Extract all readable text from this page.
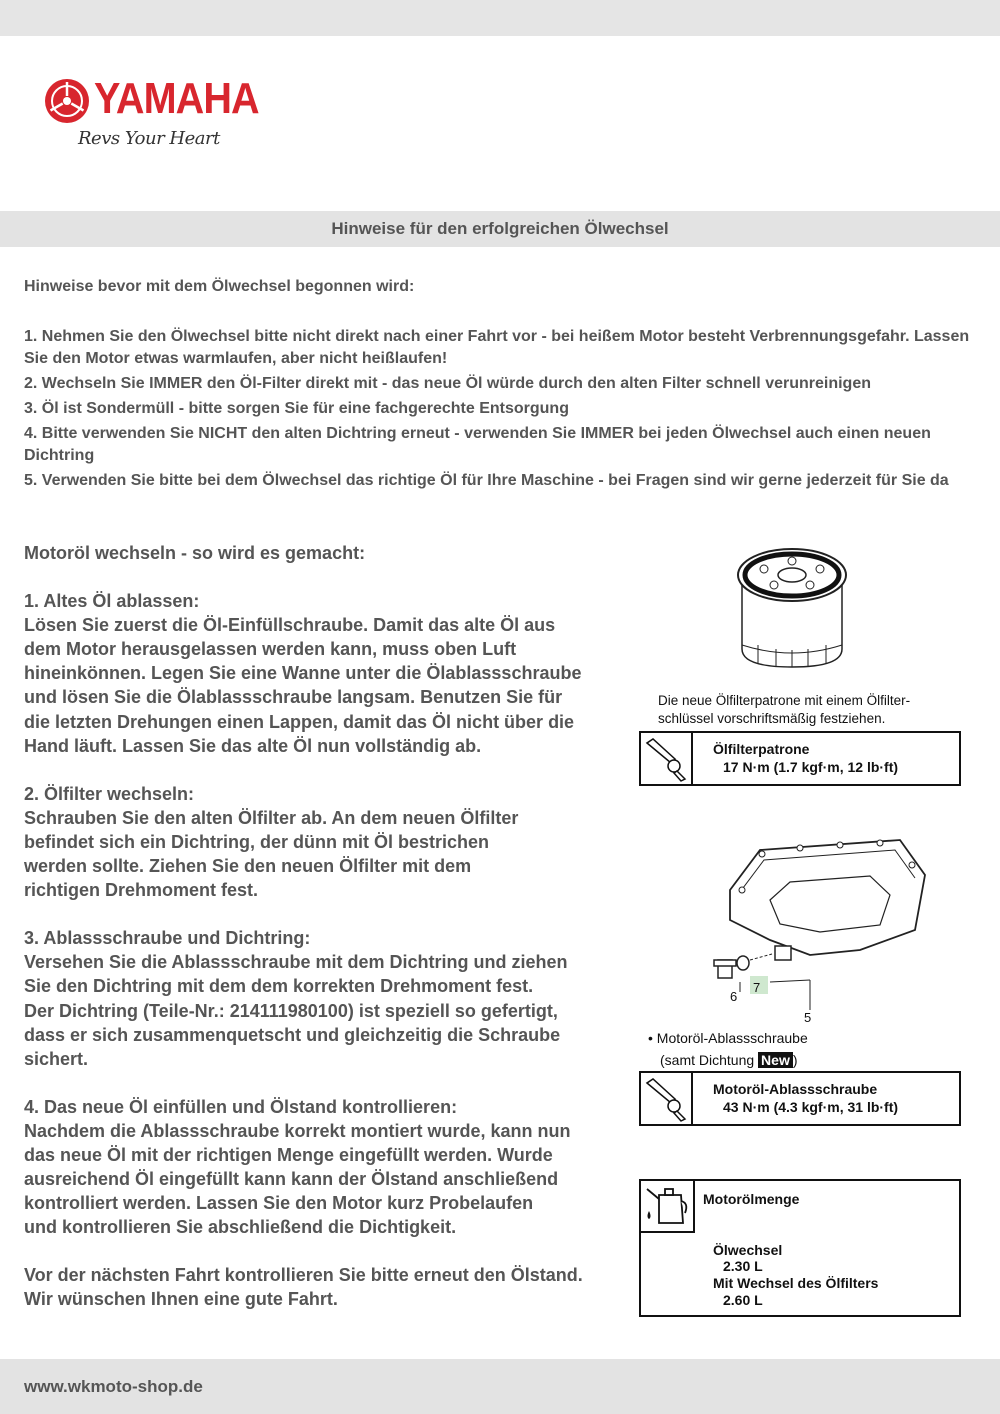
YAMAHA
Revs Your Heart
Hinweise für den erfolgreichen Ölwechsel
Hinweise bevor mit dem Ölwechsel begonnen wird:
1. Nehmen Sie den Ölwechsel bitte nicht direkt nach einer Fahrt vor - bei heißem Motor besteht Verbrennungsgefahr. Lassen Sie den Motor etwas warmlaufen, aber nicht heißlaufen!
2. Wechseln Sie IMMER den Öl-Filter direkt mit - das neue Öl würde durch den alten Filter schnell verunreinigen
3. Öl ist Sondermüll - bitte sorgen Sie für eine fachgerechte Entsorgung
4. Bitte verwenden Sie NICHT den alten Dichtring erneut - verwenden Sie IMMER bei jeden Ölwechsel auch einen neuen Dichtring
5. Verwenden Sie bitte bei dem Ölwechsel das richtige Öl für Ihre Maschine - bei Fragen sind wir gerne jederzeit für Sie da

Motoröl wechseln - so wird es gemacht:

1. Altes Öl ablassen:

Lösen Sie zuerst die Öl-Einfüllschraube. Damit das alte Öl aus
dem Motor herausgelassen werden kann, muss oben Luft
hineinkönnen. Legen Sie eine Wanne unter die Ölablassschraube
und lösen Sie die Ölablassschraube langsam. Benutzen Sie für
die letzten Drehungen einen Lappen, damit das Öl nicht über die
Hand läuft. Lassen Sie das alte Öl nun vollständig ab.

2. Ölfilter wechseln:

Schrauben Sie den alten Ölfilter ab. An dem neuen Ölfilter
befindet sich ein Dichtring, der dünn mit Öl bestrichen
werden sollte. Ziehen Sie den neuen Ölfilter mit dem
richtigen Drehmoment fest.

3. Ablassschraube und Dichtring:

Versehen Sie die Ablassschraube mit dem Dichtring und ziehen
Sie den Dichtring mit dem dem korrekten Drehmoment fest.
Der Dichtring (Teile-Nr.: 214111980100) ist speziell so gefertigt,
dass er sich zusammenquetscht und gleichzeitig die Schraube
sichert.

4. Das neue Öl einfüllen und Ölstand kontrollieren:

Nachdem die Ablassschraube korrekt montiert wurde, kann nun
das neue Öl mit der richtigen Menge eingefüllt werden. Wurde
ausreichend Öl eingefüllt kann kann der Ölstand anschließend
kontrolliert werden. Lassen Sie den Motor kurz Probelaufen
und kontrollieren Sie abschließend die Dichtigkeit.

Vor der nächsten Fahrt kontrollieren Sie bitte erneut den Ölstand.
Wir wünschen Ihnen eine gute Fahrt.

Die neue Ölfilterpatrone mit einem Ölfilter-
schlüssel vorschriftsmäßig festziehen.
Ölfilterpatrone
17 N·m (1.7 kgf·m, 12 lb·ft)
7
6
5
• Motoröl-Ablassschraube
(samt Dichtung New )
Motoröl-Ablassschraube
43 N·m (4.3 kgf·m, 31 lb·ft)
Motorölmenge
Ölwechsel
2.30 L
Mit Wechsel des Ölfilters
2.60 L
www.wkmoto-shop.de
